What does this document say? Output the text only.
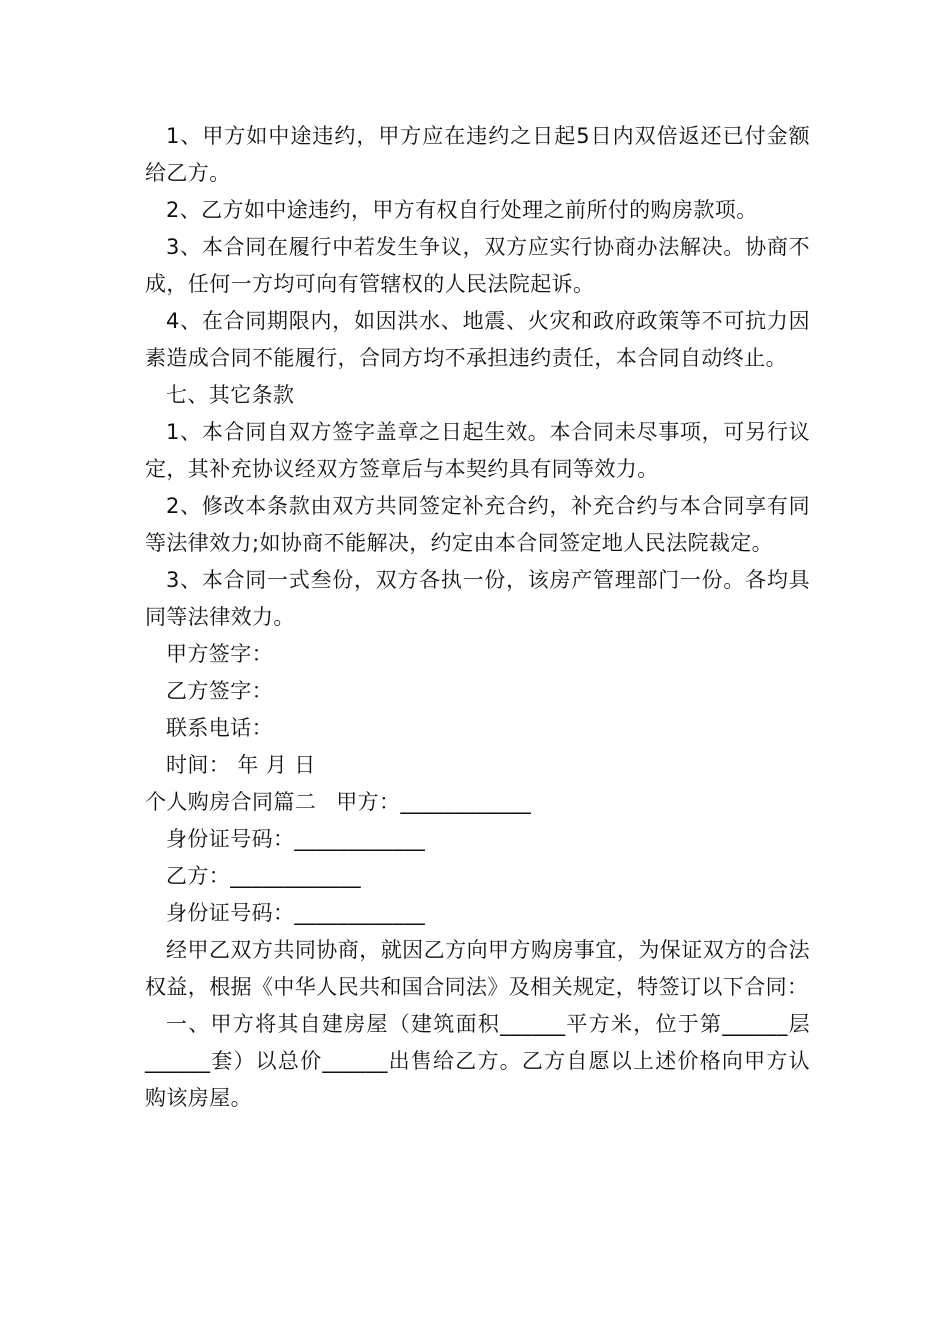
1、甲方如中途违约，甲方应在违约之日起5日内双倍返还已付金额给乙方。

2、乙方如中途违约，甲方有权自行处理之前所付的购房款项。

3、本合同在履行中若发生争议，双方应实行协商办法解决。协商不成，任何一方均可向有管辖权的人民法院起诉。

4、在合同期限内，如因洪水、地震、火灾和政府政策等不可抗力因素造成合同不能履行，合同方均不承担违约责任，本合同自动终止。

七、其它条款

1、本合同自双方签字盖章之日起生效。本合同未尽事项，可另行议定，其补充协议经双方签章后与本契约具有同等效力。

2、修改本条款由双方共同签定补充合约，补充合约与本合同享有同等法律效力;如协商不能解决，约定由本合同签定地人民法院裁定。

3、本合同一式叁份，双方各执一份，该房产管理部门一份。各均具同等法律效力。

甲方签字：

乙方签字：

联系电话：

时间： 年 月 日

个人购房合同篇二 甲方：____________

身份证号码：____________

乙方：____________

身份证号码：____________

经甲乙双方共同协商，就因乙方向甲方购房事宜，为保证双方的合法权益，根据《中华人民共和国合同法》及相关规定，特签订以下合同：

一、甲方将其自建房屋（建筑面积______平方米，位于第______层______套）以总价______出售给乙方。乙方自愿以上述价格向甲方认购该房屋。
